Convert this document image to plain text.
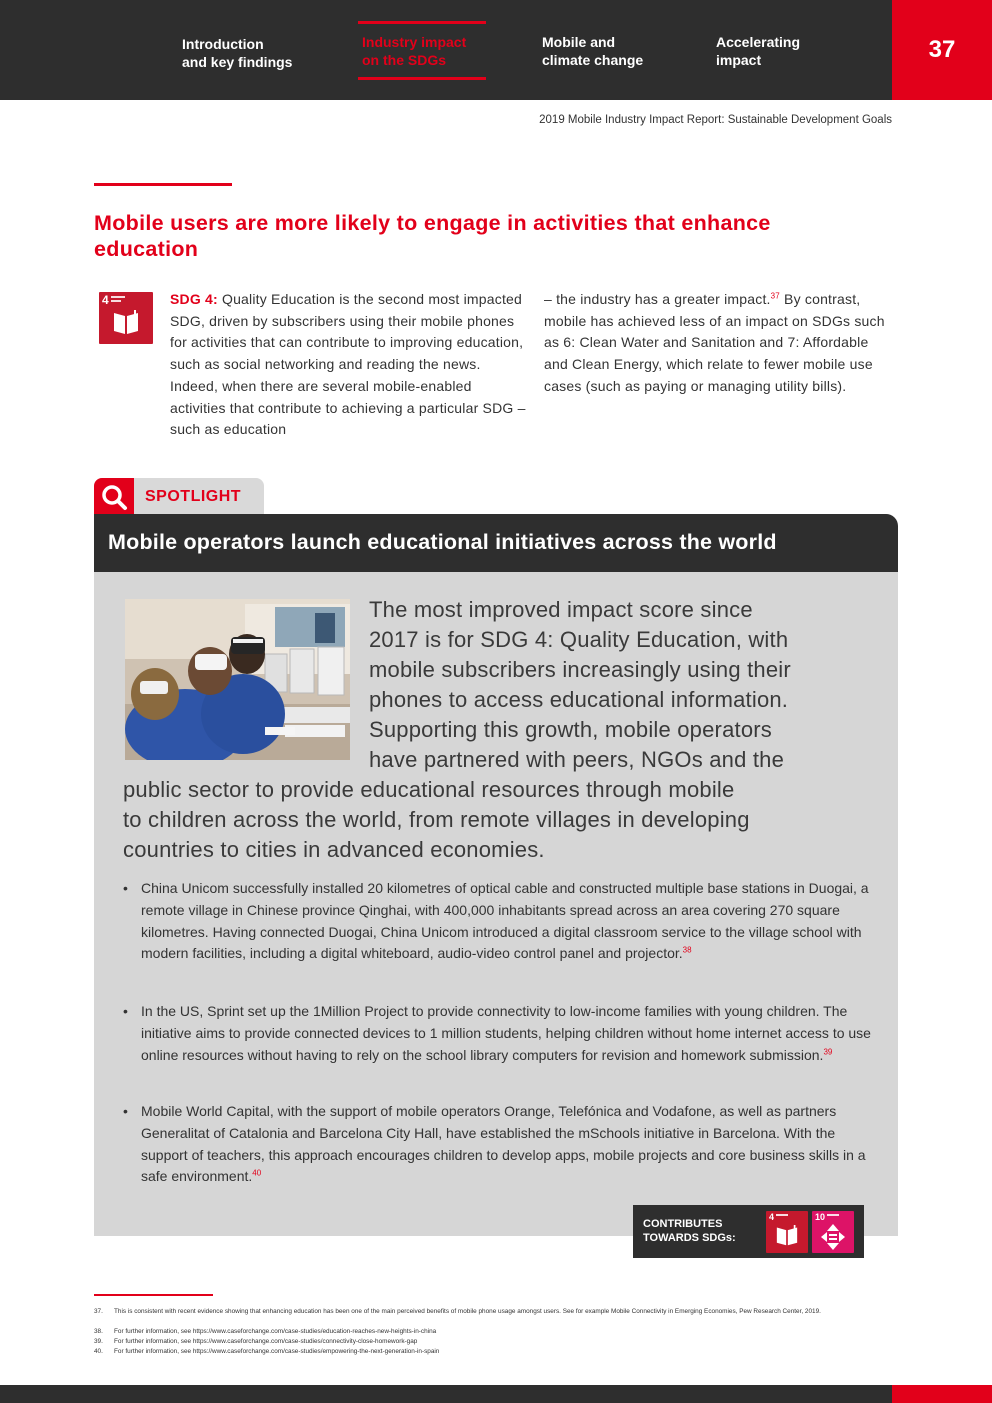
Introduction
and key findings
Industry impact
on the SDGs
Mobile and
climate change
Accelerating
impact	37
2019 Mobile Industry Impact Report: Sustainable Development Goals
Mobile users are more likely to engage in activities that enhance education
4	SDG 4: Quality Education is the second most impacted SDG, driven by subscribers using their mobile phones for activities that can contribute to improving education, such as social networking and reading the news. Indeed, when there are several mobile-enabled activities that contribute to achieving a particular SDG – such as education

– the industry has a greater impact.$^{37}$ By contrast, mobile has achieved less of an impact on SDGs such as 6: Clean Water and Sanitation and 7: Affordable and Clean Energy, which relate to fewer mobile use cases (such as paying or managing utility bills).

SPOTLIGHT
Mobile operators launch educational initiatives across the world
The most improved impact score since
2017 is for SDG 4: Quality Education, with
mobile subscribers increasingly using their
phones to access educational information.
Supporting this growth, mobile operators
have partnered with peers, NGOs and the
public sector to provide educational resources through mobile
to children across the world, from remote villages in developing
countries to cities in advanced economies.
• China Unicom successfully installed 20 kilometres of optical cable and constructed multiple base stations in Duogai, a remote village in Chinese province Qinghai, with 400,000 inhabitants spread across an area covering 270 square kilometres. Having connected Duogai, China Unicom introduced a digital classroom service to the village school with modern facilities, including a digital whiteboard, audio-video control panel and projector.$^{38}$
• In the US, Sprint set up the 1Million Project to provide connectivity to low-income families with young children. The initiative aims to provide connected devices to 1 million students, helping children without home internet access to use online resources without having to rely on the school library computers for revision and homework submission.$^{39}$
• Mobile World Capital, with the support of mobile operators Orange, Telefónica and Vodafone, as well as partners Generalitat of Catalonia and Barcelona City Hall, have established the mSchools initiative in Barcelona. With the support of teachers, this approach encourages children to develop apps, mobile projects and core business skills in a safe environment.$^{40}$
CONTRIBUTES
TOWARDS SDGs:
4	10
37. This is consistent with recent evidence showing that enhancing education has been one of the main perceived benefits of mobile phone usage amongst users. See for example Mobile Connectivity in Emerging Economies, Pew Research Center, 2019.
38. For further information, see https://www.caseforchange.com/case-studies/education-reaches-new-heights-in-china
39. For further information, see https://www.caseforchange.com/case-studies/connectivity-close-homework-gap
40. For further information, see https://www.caseforchange.com/case-studies/empowering-the-next-generation-in-spain
